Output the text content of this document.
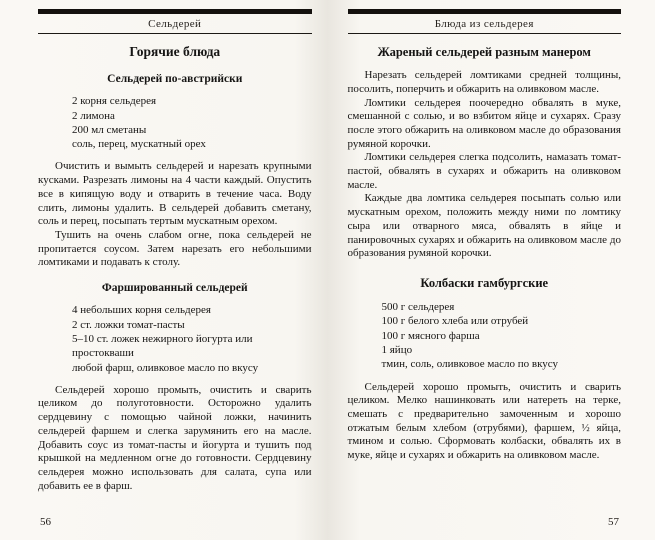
Сельдерей
Горячие блюда
Сельдерей по-австрийски
2 корня сельдерея
2 лимона
200 мл сметаны
соль, перец, мускатный орех

Очистить и вымыть сельдерей и нарезать крупными кусками. Разрезать лимоны на 4 части каждый. Опустить все в кипящую воду и отварить в течение часа. Воду слить, лимоны удалить. В сельдерей добавить сметану, соль и перец, посыпать тертым мускатным орехом.

Тушить на очень слабом огне, пока сельдерей не пропитается соусом. Затем нарезать его небольшими ломтиками и подавать к столу.

Фаршированный сельдерей
4 небольших корня сельдерея
2 ст. ложки томат-пасты
5–10 ст. ложек нежирного йогурта или простокваши
любой фарш, оливковое масло по вкусу

Сельдерей хорошо промыть, очистить и сварить целиком до полуготовности. Осторожно удалить сердцевину с помощью чайной ложки, начинить сельдерей фаршем и слегка зарумянить его на масле. Добавить соус из томат-пасты и йогурта и тушить под крышкой на медленном огне до готовности. Сердцевину сельдерея можно использовать для салата, супа или добавить ее в фарш.

56
Блюда из сельдерея
Жареный сельдерей разным манером

Нарезать сельдерей ломтиками средней толщины, посолить, поперчить и обжарить на оливковом масле.

Ломтики сельдерея поочередно обвалять в муке, смешанной с солью, и во взбитом яйце и сухарях. Сразу после этого обжарить на оливковом масле до образования румяной корочки.

Ломтики сельдерея слегка подсолить, намазать томат-пастой, обвалять в сухарях и обжарить на оливковом масле.

Каждые два ломтика сельдерея посыпать солью или мускатным орехом, положить между ними по ломтику сыра или отварного мяса, обвалять в яйце и панировочных сухарях и обжарить на оливковом масле до образования румяной корочки.

Колбаски гамбургские
500 г сельдерея
100 г белого хлеба или отрубей
100 г мясного фарша
1 яйцо
тмин, соль, оливковое масло по вкусу

Сельдерей хорошо промыть, очистить и сварить целиком. Мелко нашинковать или натереть на терке, смешать с предварительно замоченным и хорошо отжатым белым хлебом (отрубями), фаршем, ½ яйца, тмином и солью. Сформовать колбаски, обвалять их в муке, яйце и сухарях и обжарить на оливковом масле.

57
